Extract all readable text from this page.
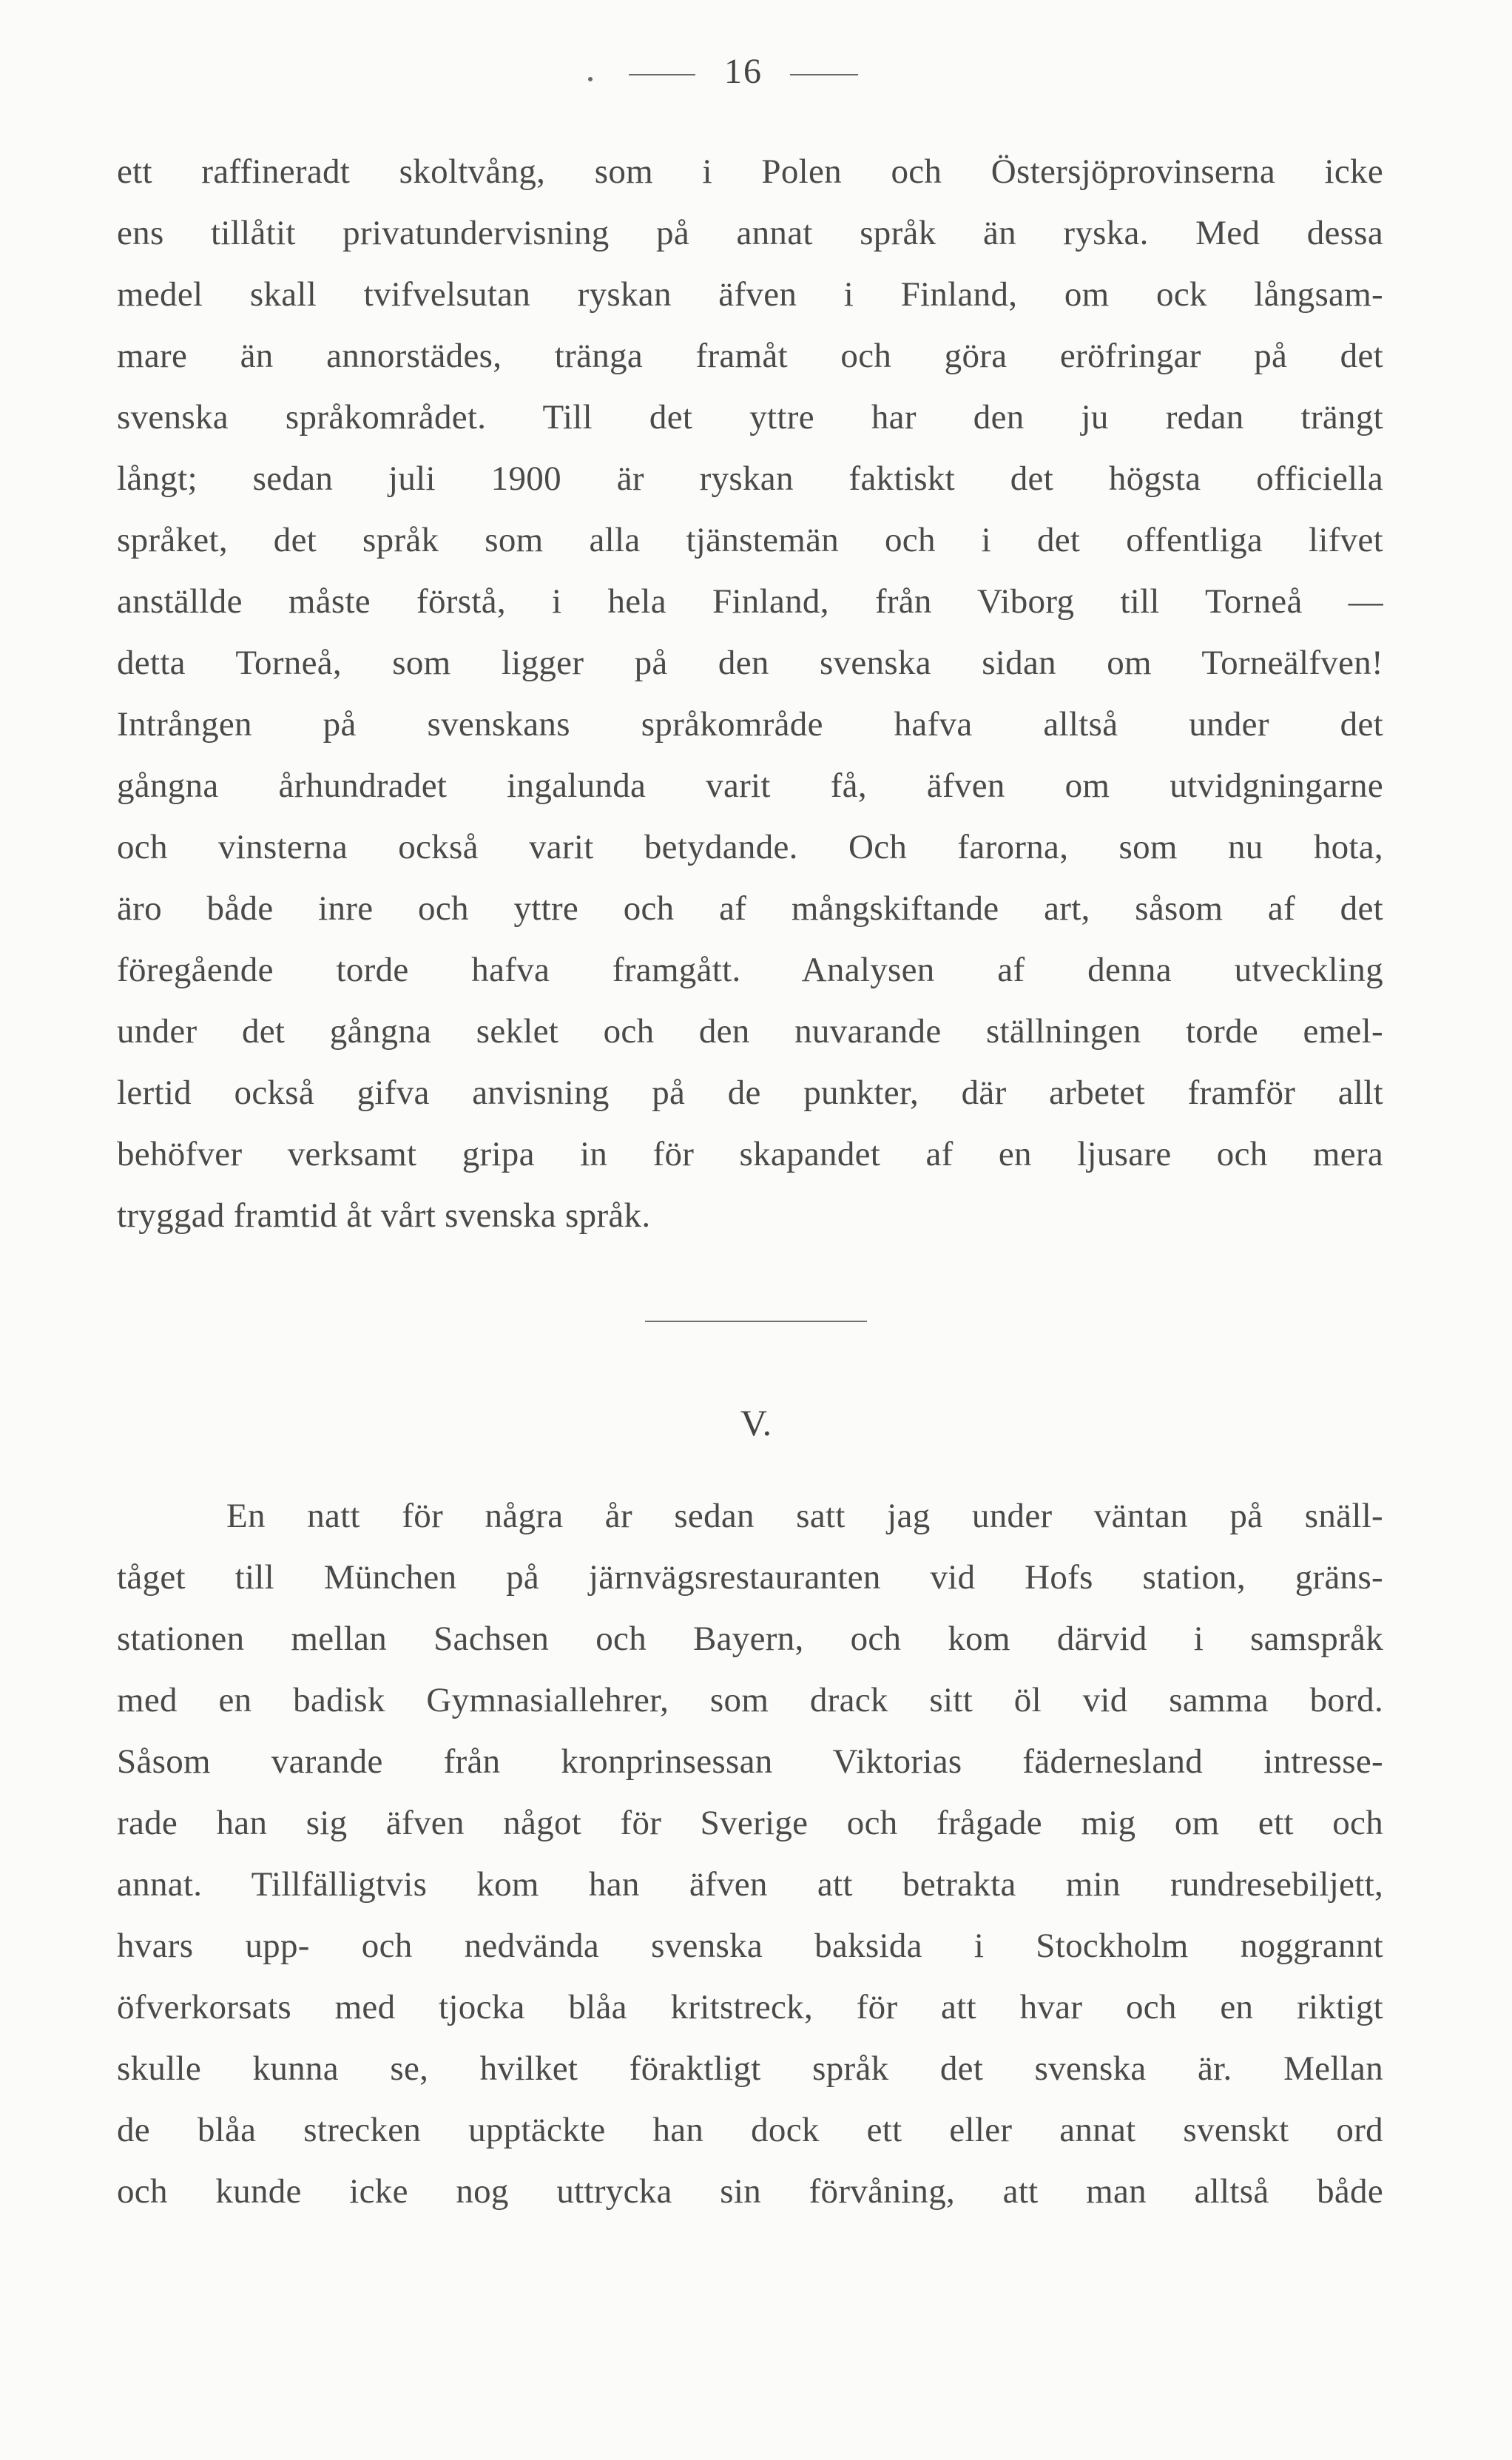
16
ett raffineradt skoltvång, som i Polen och Östersjöprovinserna icke
ens tillåtit privatundervisning på annat språk än ryska. Med dessa
medel skall tvifvelsutan ryskan äfven i Finland, om ock långsam-
mare än annorstädes, tränga framåt och göra eröfringar på det
svenska språkområdet. Till det yttre har den ju redan trängt
långt; sedan juli 1900 är ryskan faktiskt det högsta officiella
språket, det språk som alla tjänstemän och i det offentliga lifvet
anställde måste förstå, i hela Finland, från Viborg till Torneå —
detta Torneå, som ligger på den svenska sidan om Torneälfven!
Intrången på svenskans språkområde hafva alltså under det
gångna århundradet ingalunda varit få, äfven om utvidgningarne
och vinsterna också varit betydande. Och farorna, som nu hota,
äro både inre och yttre och af mångskiftande art, såsom af det
föregående torde hafva framgått. Analysen af denna utveckling
under det gångna seklet och den nuvarande ställningen torde emel-
lertid också gifva anvisning på de punkter, där arbetet framför allt
behöfver verksamt gripa in för skapandet af en ljusare och mera
tryggad framtid åt vårt svenska språk.
V.
En natt för några år sedan satt jag under väntan på snäll-
tåget till München på järnvägsrestauranten vid Hofs station, gräns-
stationen mellan Sachsen och Bayern, och kom därvid i samspråk
med en badisk Gymnasiallehrer, som drack sitt öl vid samma bord.
Såsom varande från kronprinsessan Viktorias fädernesland intresse-
rade han sig äfven något för Sverige och frågade mig om ett och
annat. Tillfälligtvis kom han äfven att betrakta min rundresebiljett,
hvars upp- och nedvända svenska baksida i Stockholm noggrannt
öfverkorsats med tjocka blåa kritstreck, för att hvar och en riktigt
skulle kunna se, hvilket föraktligt språk det svenska är. Mellan
de blåa strecken upptäckte han dock ett eller annat svenskt ord
och kunde icke nog uttrycka sin förvåning, att man alltså både
